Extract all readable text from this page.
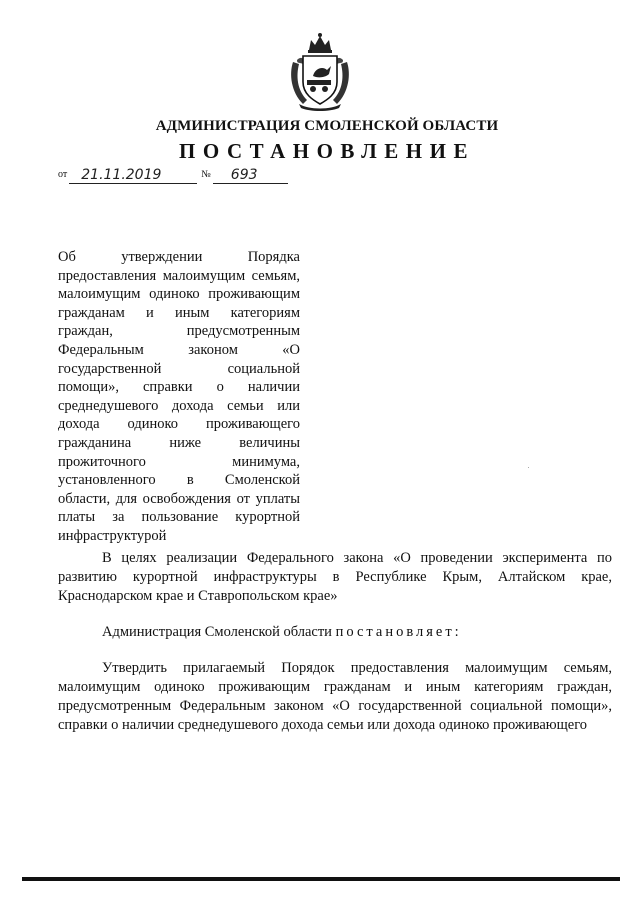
АДМИНИСТРАЦИЯ СМОЛЕНСКОЙ ОБЛАСТИ
ПОСТАНОВЛЕНИЕ
от 21.11.2019	№ 693
Об утверждении Порядка предоставления малоимущим семьям, малоимущим одиноко проживающим гражданам и иным категориям граждан, предусмотренным Федеральным законом «О государственной социальной помощи», справки о наличии среднедушевого дохода семьи или дохода одиноко проживающего гражданина ниже величины прожиточного минимума, установленного в Смоленской области, для освобождения от уплаты платы за пользование курортной инфраструктурой

В целях реализации Федерального закона «О проведении эксперимента по развитию курортной инфраструктуры в Республике Крым, Алтайском крае, Краснодарском крае и Ставропольском крае»

Администрация Смоленской области постановляет:

Утвердить прилагаемый Порядок предоставления малоимущим семьям, малоимущим одиноко проживающим гражданам и иным категориям граждан, предусмотренным Федеральным законом «О государственной социальной помощи», справки о наличии среднедушевого дохода семьи или дохода одиноко проживающего
